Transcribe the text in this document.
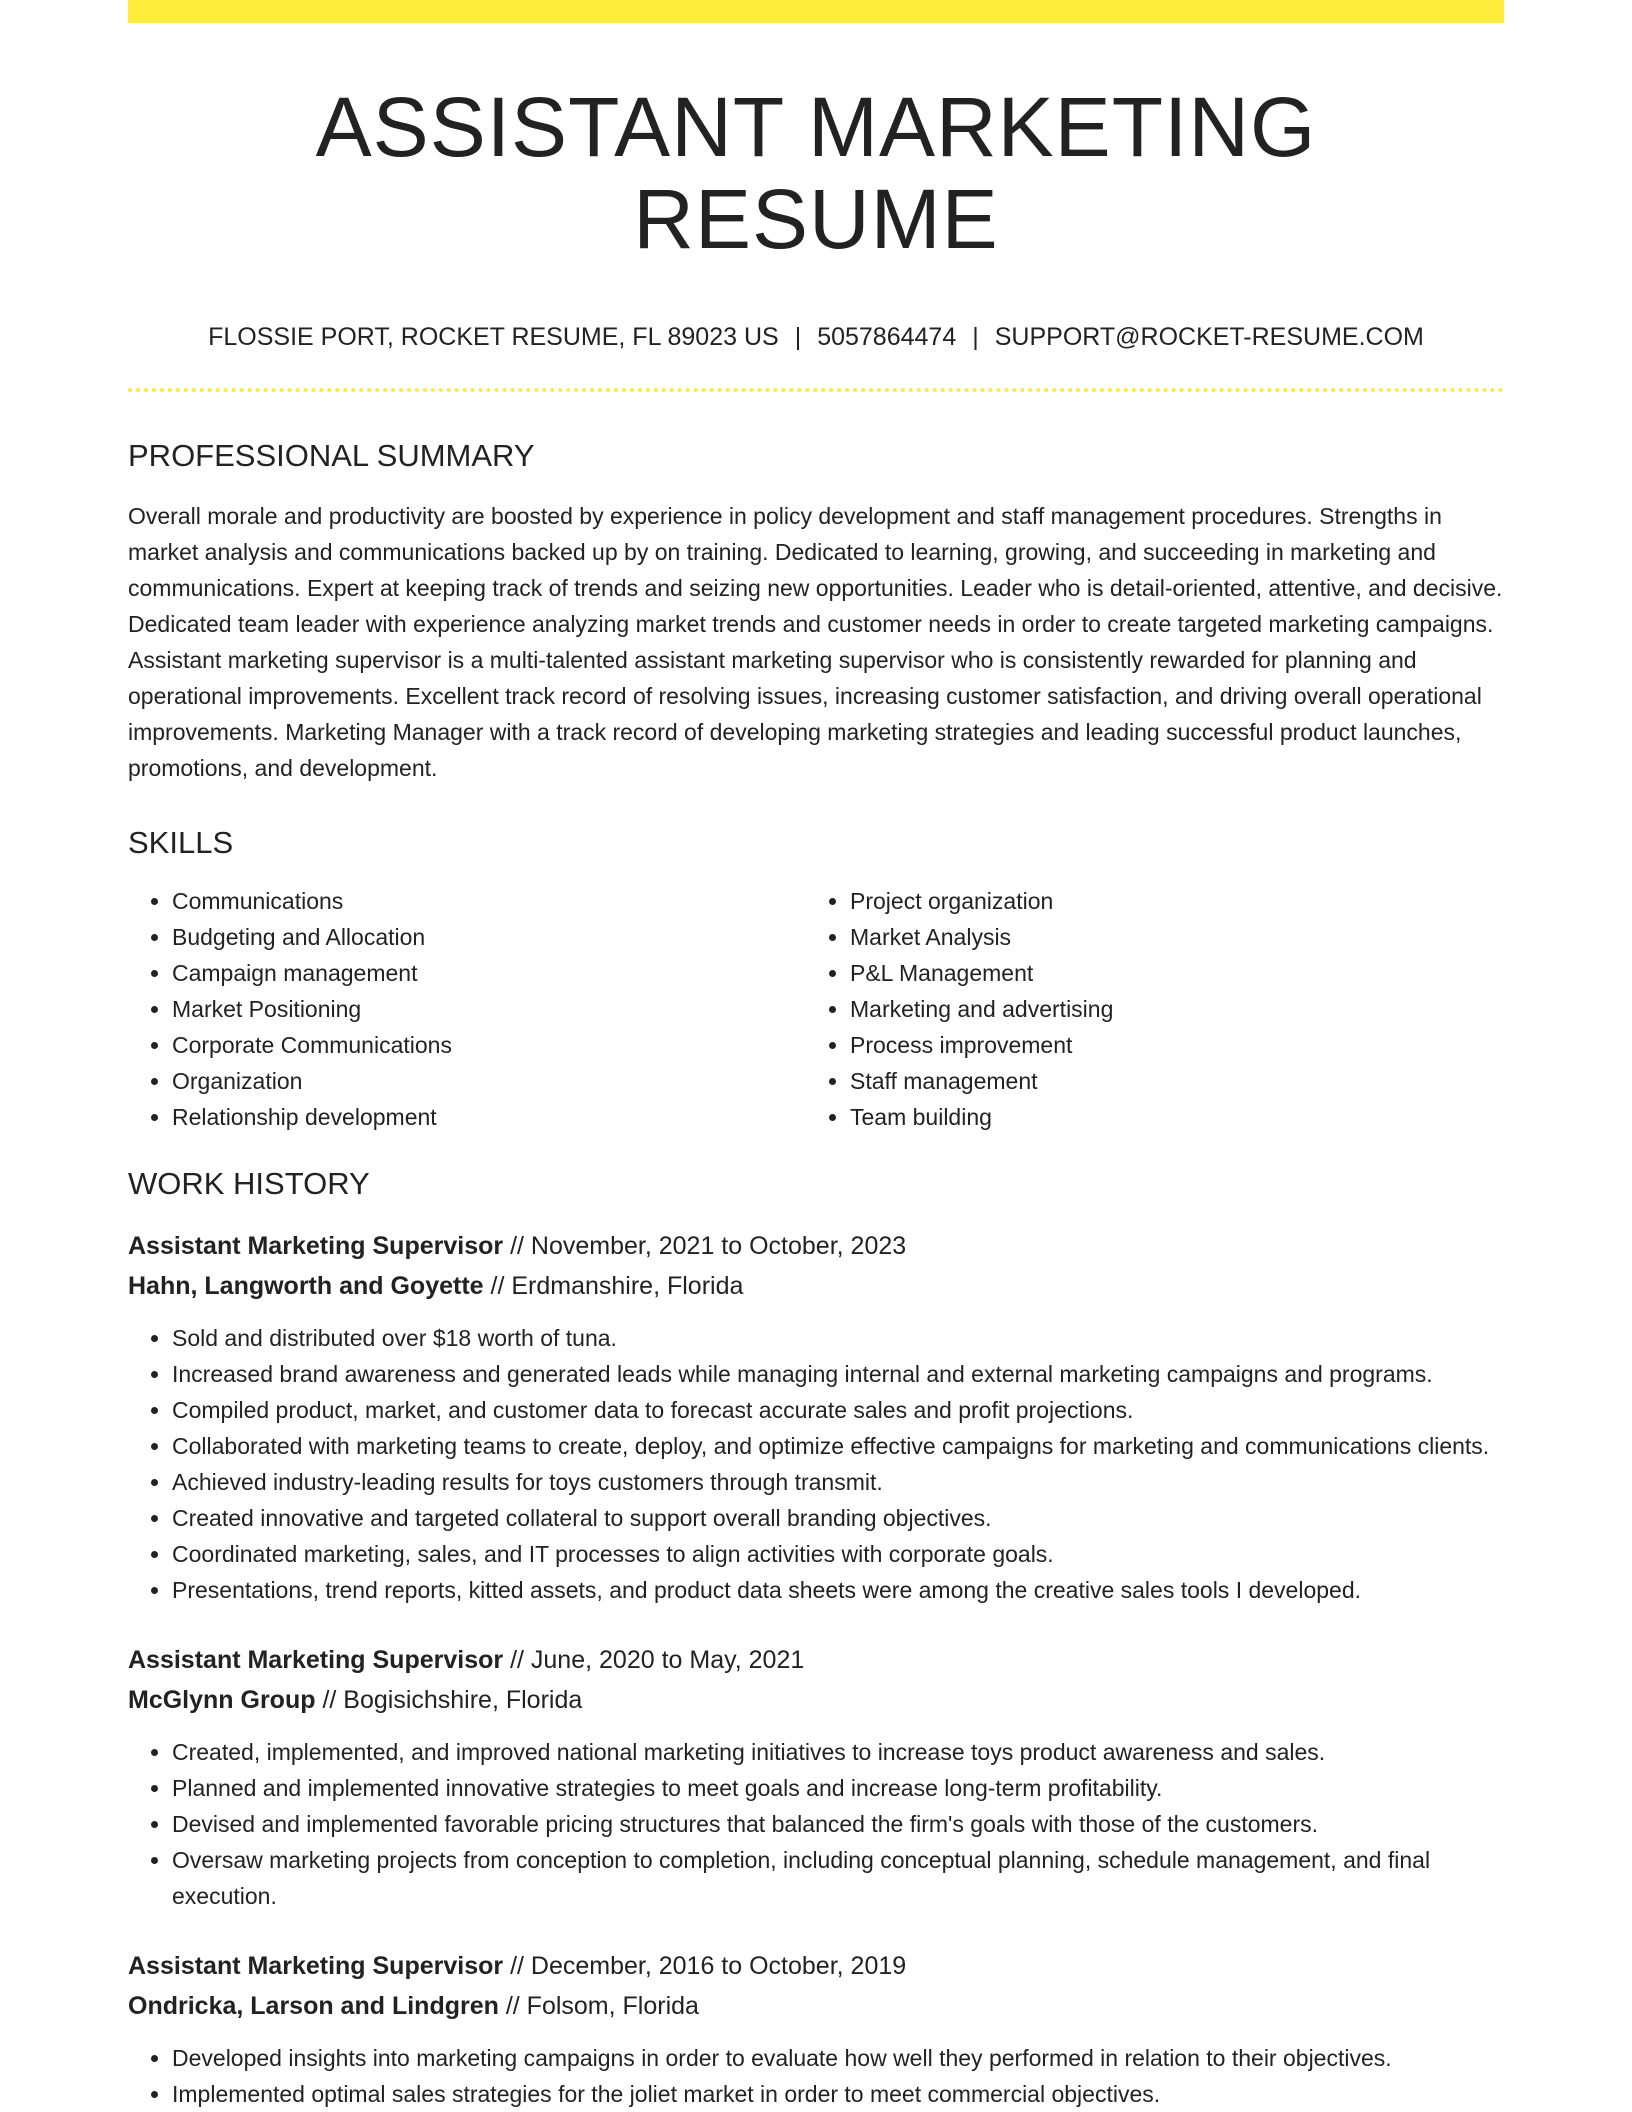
ASSISTANT MARKETING RESUME
FLOSSIE PORT, ROCKET RESUME, FL 89023 US | 5057864474 | SUPPORT@ROCKET-RESUME.COM
PROFESSIONAL SUMMARY

Overall morale and productivity are boosted by experience in policy development and staff management procedures. Strengths in market analysis and communications backed up by on training. Dedicated to learning, growing, and succeeding in marketing and communications. Expert at keeping track of trends and seizing new opportunities. Leader who is detail-oriented, attentive, and decisive. Dedicated team leader with experience analyzing market trends and customer needs in order to create targeted marketing campaigns. Assistant marketing supervisor is a multi-talented assistant marketing supervisor who is consistently rewarded for planning and operational improvements. Excellent track record of resolving issues, increasing customer satisfaction, and driving overall operational improvements. Marketing Manager with a track record of developing marketing strategies and leading successful product launches, promotions, and development.

SKILLS
• Communications
• Budgeting and Allocation
• Campaign management
• Market Positioning
• Corporate Communications
• Organization
• Relationship development
• Project organization
• Market Analysis
• P&L Management
• Marketing and advertising
• Process improvement
• Staff management
• Team building
WORK HISTORY
Assistant Marketing Supervisor // November, 2021 to October, 2023
Hahn, Langworth and Goyette // Erdmanshire, Florida
• Sold and distributed over $18 worth of tuna.
• Increased brand awareness and generated leads while managing internal and external marketing campaigns and programs.
• Compiled product, market, and customer data to forecast accurate sales and profit projections.
• Collaborated with marketing teams to create, deploy, and optimize effective campaigns for marketing and communications clients.
• Achieved industry-leading results for toys customers through transmit.
• Created innovative and targeted collateral to support overall branding objectives.
• Coordinated marketing, sales, and IT processes to align activities with corporate goals.
• Presentations, trend reports, kitted assets, and product data sheets were among the creative sales tools I developed.
Assistant Marketing Supervisor // June, 2020 to May, 2021
McGlynn Group // Bogisichshire, Florida
• Created, implemented, and improved national marketing initiatives to increase toys product awareness and sales.
• Planned and implemented innovative strategies to meet goals and increase long-term profitability.
• Devised and implemented favorable pricing structures that balanced the firm's goals with those of the customers.
• Oversaw marketing projects from conception to completion, including conceptual planning, schedule management, and final execution.
Assistant Marketing Supervisor // December, 2016 to October, 2019
Ondricka, Larson and Lindgren // Folsom, Florida
• Developed insights into marketing campaigns in order to evaluate how well they performed in relation to their objectives.
• Implemented optimal sales strategies for the joliet market in order to meet commercial objectives.
